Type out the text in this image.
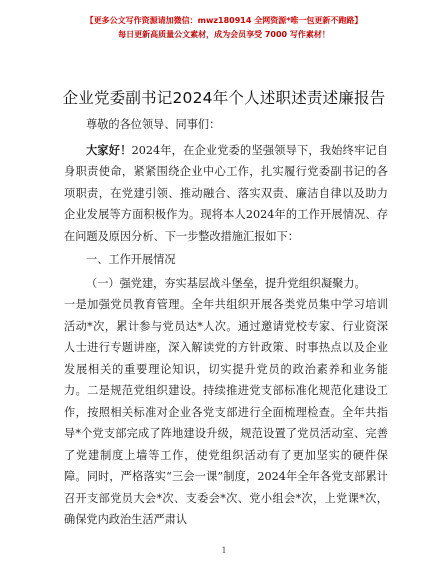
【更多公文写作资源请加微信：mwz180914 全网资源*唯一包更新不跑路】
每日更新高质量公文素材，成为会员享受 7000 写作素材！
企业党委副书记2024年个人述职述责述廉报告

尊敬的各位领导、同事们：

大家好！2024年，在企业党委的坚强领导下，我始终牢记自身职责使命，紧紧围绕企业中心工作，扎实履行党委副书记的各项职责，在党建引领、推动融合、落实双责、廉洁自律以及助力企业发展等方面积极作为。现将本人2024年的工作开展情况、存在问题及原因分析、下一步整改措施汇报如下：

一、工作开展情况

（一）强党建，夯实基层战斗堡垒，提升党组织凝聚力。

一是加强党员教育管理。全年共组织开展各类党员集中学习培训活动*次，累计参与党员达*人次。通过邀请党校专家、行业资深人士进行专题讲座，深入解读党的方针政策、时事热点以及企业发展相关的重要理论知识，切实提升党员的政治素养和业务能力。二是规范党组织建设。持续推进党支部标准化规范化建设工作，按照相关标准对企业各党支部进行全面梳理检查。全年共指导*个党支部完成了阵地建设升级，规范设置了党员活动室、完善了党建制度上墙等工作，使党组织活动有了更加坚实的硬件保障。同时，严格落实“三会一课”制度，2024年全年各党支部累计召开支部党员大会*次、支委会*次、党小组会*次，上党课*次，确保党内政治生活严肃认

1
